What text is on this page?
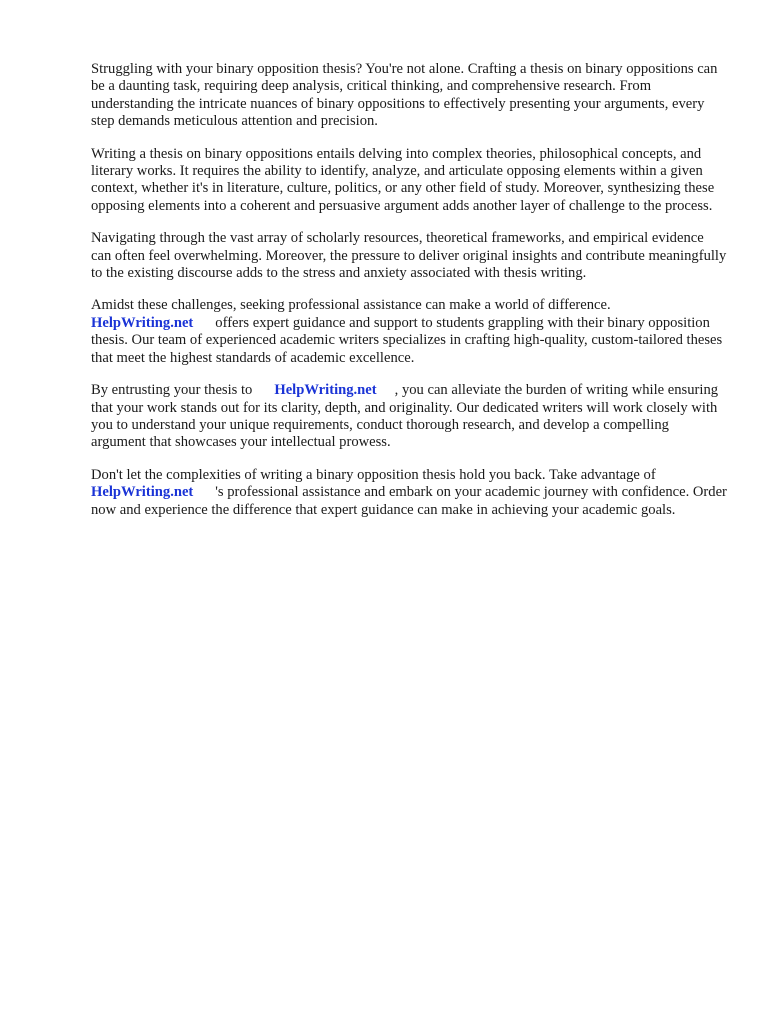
Struggling with your binary opposition thesis? You're not alone. Crafting a thesis on binary oppositions can be a daunting task, requiring deep analysis, critical thinking, and comprehensive research. From understanding the intricate nuances of binary oppositions to effectively presenting your arguments, every step demands meticulous attention and precision.

Writing a thesis on binary oppositions entails delving into complex theories, philosophical concepts, and literary works. It requires the ability to identify, analyze, and articulate opposing elements within a given context, whether it's in literature, culture, politics, or any other field of study. Moreover, synthesizing these opposing elements into a coherent and persuasive argument adds another layer of challenge to the process.

Navigating through the vast array of scholarly resources, theoretical frameworks, and empirical evidence can often feel overwhelming. Moreover, the pressure to deliver original insights and contribute meaningfully to the existing discourse adds to the stress and anxiety associated with thesis writing.

Amidst these challenges, seeking professional assistance can make a world of difference. HelpWriting.net offers expert guidance and support to students grappling with their binary opposition thesis. Our team of experienced academic writers specializes in crafting high-quality, custom-tailored theses that meet the highest standards of academic excellence.

By entrusting your thesis to HelpWriting.net , you can alleviate the burden of writing while ensuring that your work stands out for its clarity, depth, and originality. Our dedicated writers will work closely with you to understand your unique requirements, conduct thorough research, and develop a compelling argument that showcases your intellectual prowess.

Don't let the complexities of writing a binary opposition thesis hold you back. Take advantage of HelpWriting.net 's professional assistance and embark on your academic journey with confidence. Order now and experience the difference that expert guidance can make in achieving your academic goals.
